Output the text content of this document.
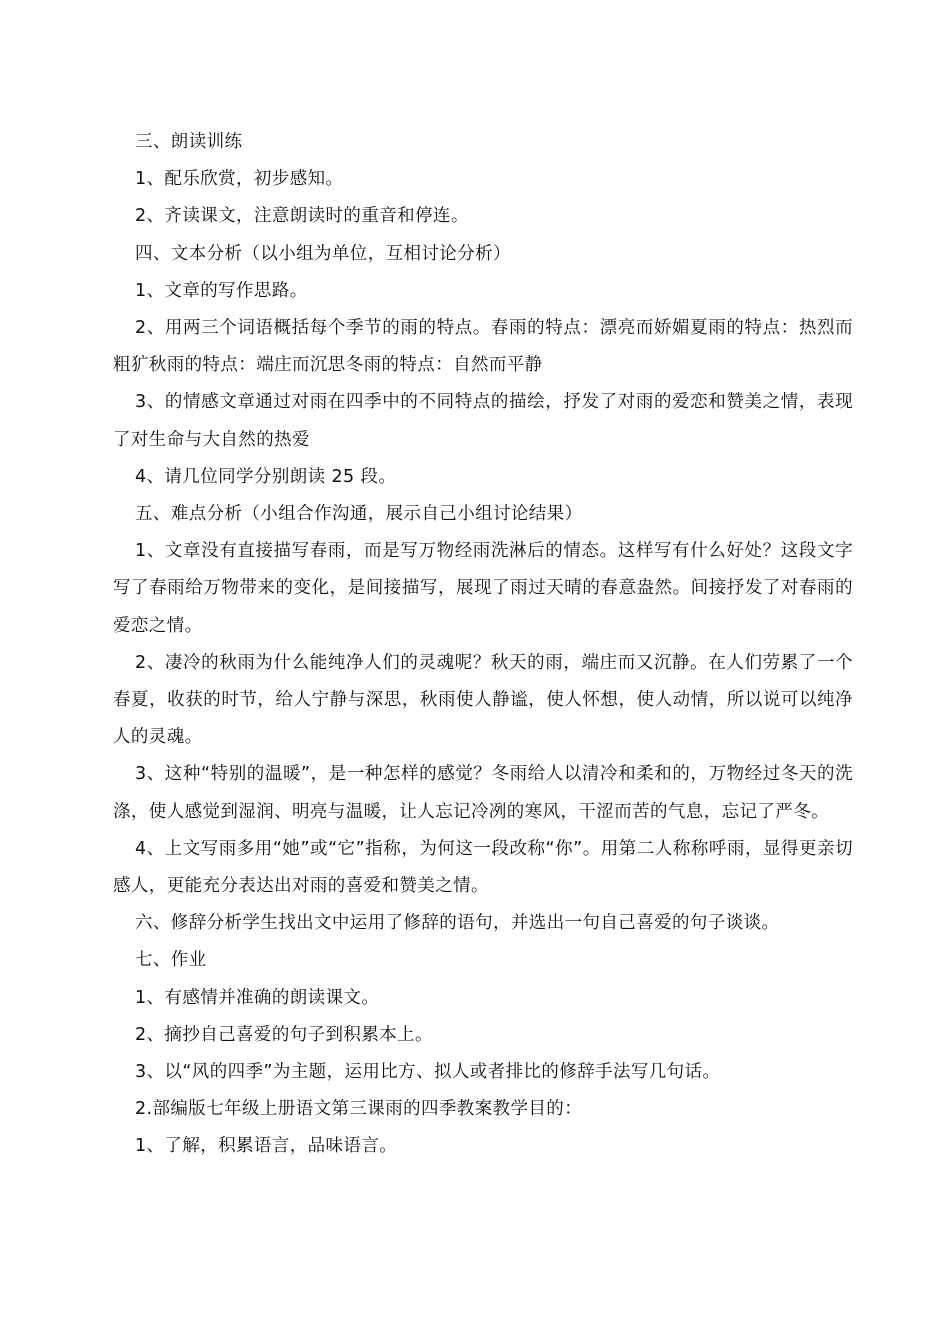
三、朗读训练

1、配乐欣赏，初步感知。

2、齐读课文，注意朗读时的重音和停连。

四、文本分析（以小组为单位，互相讨论分析）

1、文章的写作思路。

2、用两三个词语概括每个季节的雨的特点。春雨的特点：漂亮而娇媚夏雨的特点：热烈而粗犷秋雨的特点：端庄而沉思冬雨的特点：自然而平静

3、的情感文章通过对雨在四季中的不同特点的描绘，抒发了对雨的爱恋和赞美之情，表现了对生命与大自然的热爱

4、请几位同学分别朗读 25 段。

五、难点分析（小组合作沟通，展示自己小组讨论结果）

1、文章没有直接描写春雨，而是写万物经雨洗淋后的情态。这样写有什么好处？这段文字写了春雨给万物带来的变化，是间接描写，展现了雨过天晴的春意盎然。间接抒发了对春雨的爱恋之情。

2、凄冷的秋雨为什么能纯净人们的灵魂呢？秋天的雨，端庄而又沉静。在人们劳累了一个春夏，收获的时节，给人宁静与深思，秋雨使人静谧，使人怀想，使人动情，所以说可以纯净人的灵魂。

3、这种“特别的温暖”，是一种怎样的感觉？冬雨给人以清冷和柔和的，万物经过冬天的洗涤，使人感觉到湿润、明亮与温暖，让人忘记冷冽的寒风，干涩而苦的气息，忘记了严冬。

4、上文写雨多用“她”或“它”指称，为何这一段改称“你”。用第二人称称呼雨，显得更亲切感人，更能充分表达出对雨的喜爱和赞美之情。

六、修辞分析学生找出文中运用了修辞的语句，并选出一句自己喜爱的句子谈谈。

七、作业

1、有感情并准确的朗读课文。

2、摘抄自己喜爱的句子到积累本上。

3、以“风的四季”为主题，运用比方、拟人或者排比的修辞手法写几句话。

2.部编版七年级上册语文第三课雨的四季教案教学目的：

1、了解，积累语言，品味语言。
